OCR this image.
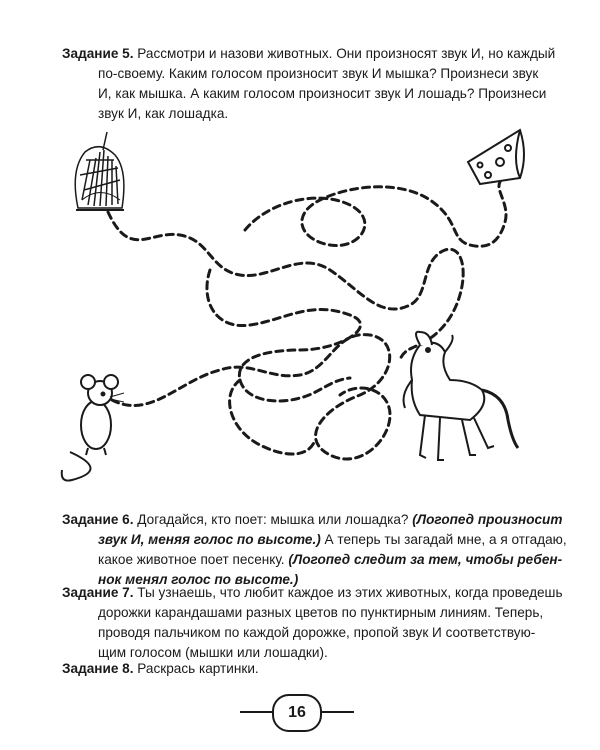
Задание 5. Рассмотри и назови животных. Они произносят звук И, но каждый
по-своему. Каким голосом произносит звук И мышка? Произнеси звук
И, как мышка. А каким голосом произносит звук И лошадь? Произнеси
звук И, как лошадка.
Задание 6. Догадайся, кто поет: мышка или лошадка? (Логопед произносит
звук И, меняя голос по высоте.) А теперь ты загадай мне, а я отгадаю,
какое животное поет песенку. (Логопед следит за тем, чтобы ребен-
нок менял голос по высоте.)
Задание 7. Ты узнаешь, что любит каждое из этих животных, когда проведешь
дорожки карандашами разных цветов по пунктирным линиям. Теперь,
проводя пальчиком по каждой дорожке, пропой звук И соответствую-
щим голосом (мышки или лошадки).
Задание 8. Раскрась картинки.
16
